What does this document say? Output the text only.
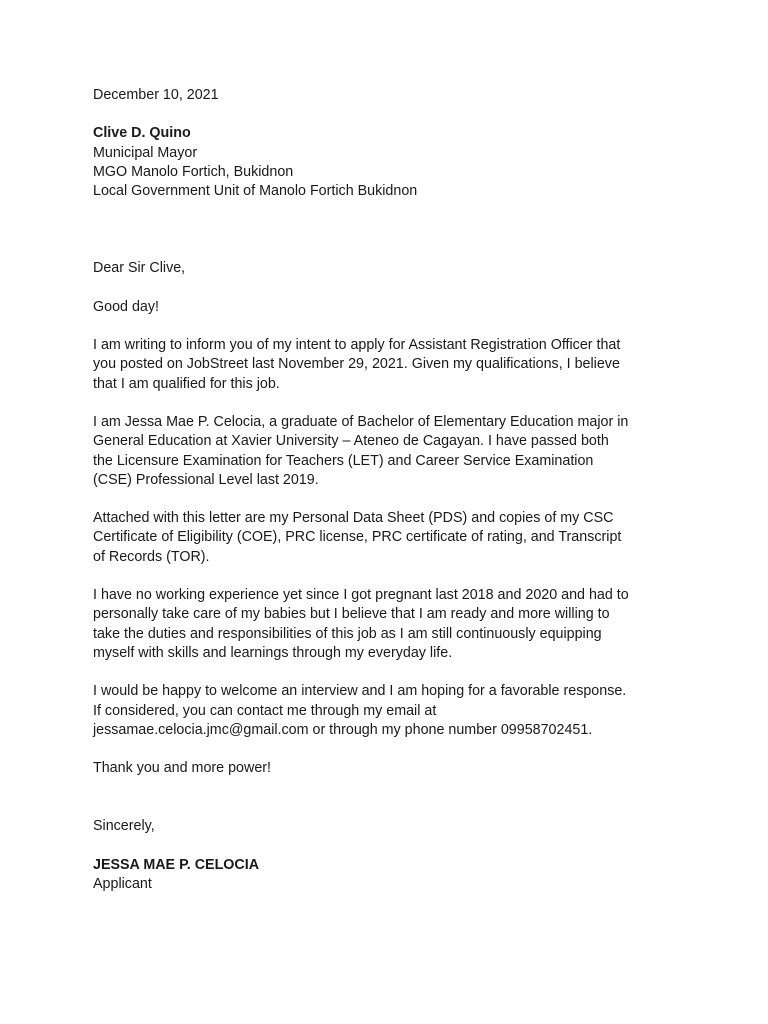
December 10, 2021

Clive D. Quino

Municipal Mayor

MGO Manolo Fortich, Bukidnon

Local Government Unit of Manolo Fortich Bukidnon

Dear Sir Clive,

Good day!

I am writing to inform you of my intent to apply for Assistant Registration Officer that

you posted on JobStreet last November 29, 2021. Given my qualifications, I believe

that I am qualified for this job.

I am Jessa Mae P. Celocia, a graduate of Bachelor of Elementary Education major in

General Education at Xavier University – Ateneo de Cagayan. I have passed both

the Licensure Examination for Teachers (LET) and Career Service Examination

(CSE) Professional Level last 2019.

Attached with this letter are my Personal Data Sheet (PDS) and copies of my CSC

Certificate of Eligibility (COE), PRC license, PRC certificate of rating, and Transcript

of Records (TOR).

I have no working experience yet since I got pregnant last 2018 and 2020 and had to

personally take care of my babies but I believe that I am ready and more willing to

take the duties and responsibilities of this job as I am still continuously equipping

myself with skills and learnings through my everyday life.

I would be happy to welcome an interview and I am hoping for a favorable response.

If considered, you can contact me through my email at

jessamae.celocia.jmc@gmail.com or through my phone number 09958702451.

Thank you and more power!

Sincerely,

JESSA MAE P. CELOCIA

Applicant
